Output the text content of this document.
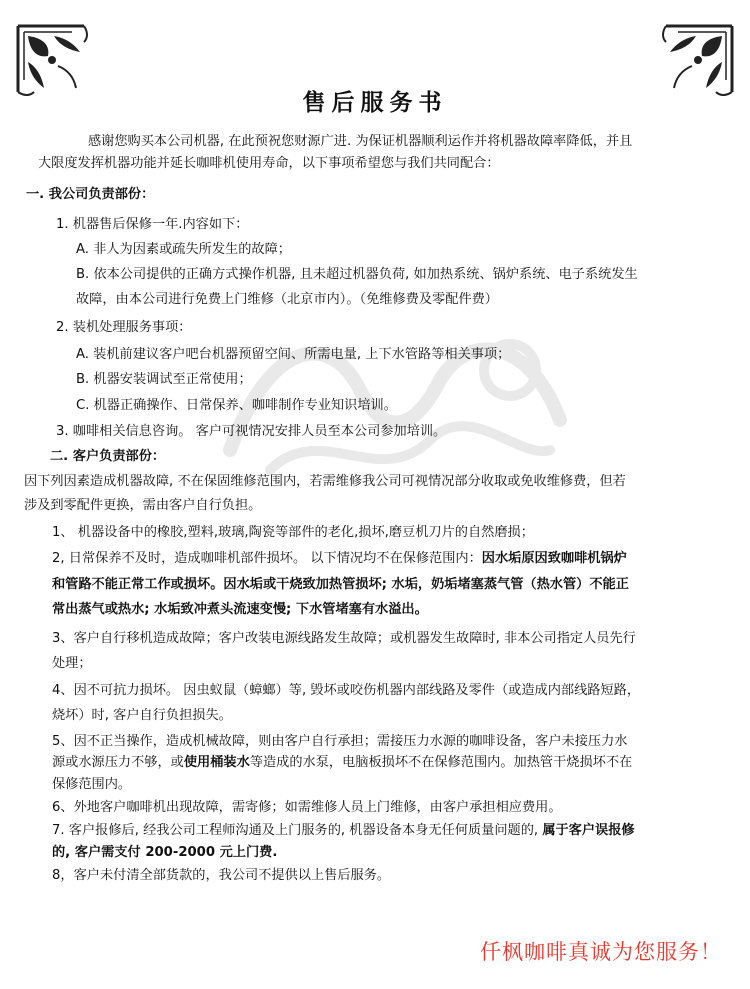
售后服务书
感谢您购买本公司机器, 在此预祝您财源广进. 为保证机器顺利运作并将机器故障率降低，并且
大限度发挥机器功能并延长咖啡机使用寿命，以下事项希望您与我们共同配合：
一. 我公司负责部份：
1. 机器售后保修一年.内容如下：
A. 非人为因素或疏失所发生的故障；
B. 依本公司提供的正确方式操作机器, 且未超过机器负荷, 如加热系统、锅炉系统、电子系统发生
故障，由本公司进行免费上门维修（北京市内）。（免维修费及零配件费）
2. 装机处理服务事项：
A. 装机前建议客户吧台机器预留空间、所需电量, 上下水管路等相关事项；
B. 机器安装调试至正常使用；
C. 机器正确操作、日常保养、咖啡制作专业知识培训。
3. 咖啡相关信息咨询。 客户可视情况安排人员至本公司参加培训。
二. 客户负责部份：
因下列因素造成机器故障, 不在保固维修范围内，若需维修我公司可视情况部分收取或免收维修费，但若
涉及到零配件更换，需由客户自行负担。
1、 机器设备中的橡胶,塑料,玻璃,陶瓷等部件的老化,损坏,磨豆机刀片的自然磨损；
2, 日常保养不及时，造成咖啡机部件损坏。 以下情况均不在保修范围内：因水垢原因致咖啡机锅炉
和管路不能正常工作或损坏。因水垢或干烧致加热管损坏; 水垢，奶垢堵塞蒸气管（热水管）不能正
常出蒸气或热水; 水垢致冲煮头流速变慢; 下水管堵塞有水溢出。
3、客户自行移机造成故障；客户改装电源线路发生故障；或机器发生故障时, 非本公司指定人员先行
处理；
4、因不可抗力损坏。 因虫蚁鼠（蟑螂）等, 毁坏或咬伤机器内部线路及零件（或造成内部线路短路，
烧坏）时, 客户自行负担损失。
5、因不正当操作，造成机械故障，则由客户自行承担；需接压力水源的咖啡设备，客户未接压力水
源或水源压力不够，或使用桶装水等造成的水泵，电脑板损坏不在保修范围内。加热管干烧损坏不在
保修范围内。
6、外地客户咖啡机出现故障，需寄修；如需维修人员上门维修，由客户承担相应费用。
7. 客户报修后, 经我公司工程师沟通及上门服务的, 机器设备本身无任何质量问题的, 属于客户误报修
的, 客户需支付 200-2000 元上门费.
8，客户未付清全部货款的，我公司不提供以上售后服务。
仟枫咖啡真诚为您服务！
